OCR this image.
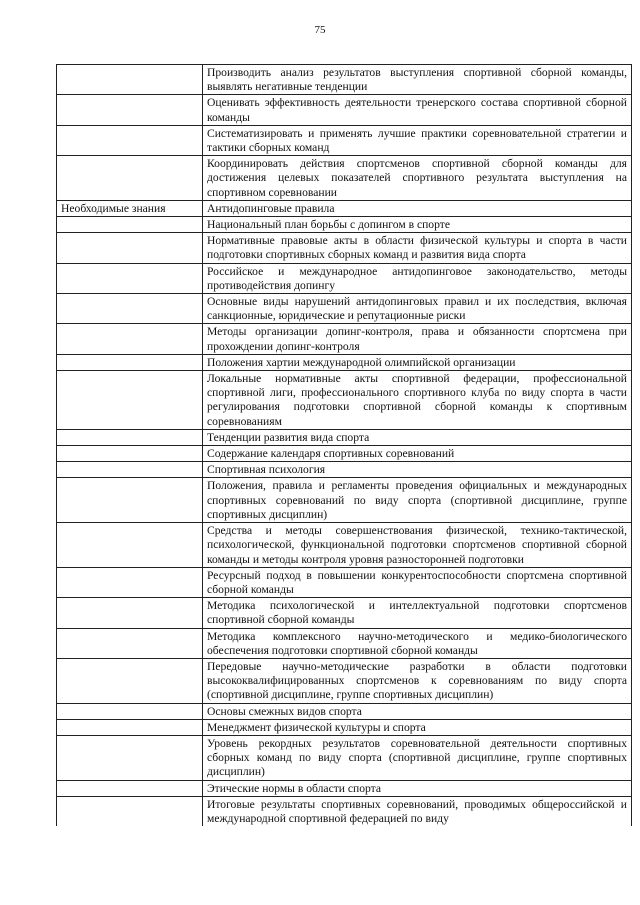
75
	Производить анализ результатов выступления спортивной сборной команды, выявлять негативные тенденции
	Оценивать эффективность деятельности тренерского состава спортивной сборной команды
	Систематизировать и применять лучшие практики соревновательной стратегии и тактики сборных команд
	Координировать действия спортсменов спортивной сборной команды для достижения целевых показателей спортивного результата выступления на спортивном соревновании
Необходимые знания	Антидопинговые правила
	Национальный план борьбы с допингом в спорте
	Нормативные правовые акты в области физической культуры и спорта в части подготовки спортивных сборных команд и развития вида спорта
	Российское и международное антидопинговое законодательство, методы противодействия допингу
	Основные виды нарушений антидопинговых правил и их последствия, включая санкционные, юридические и репутационные риски
	Методы организации допинг-контроля, права и обязанности спортсмена при прохождении допинг-контроля
	Положения хартии международной олимпийской организации
	Локальные нормативные акты спортивной федерации, профессиональной спортивной лиги, профессионального спортивного клуба по виду спорта в части регулирования подготовки спортивной сборной команды к спортивным соревнованиям
	Тенденции развития вида спорта
	Содержание календаря спортивных соревнований
	Спортивная психология
	Положения, правила и регламенты проведения официальных и международных спортивных соревнований по виду спорта (спортивной дисциплине, группе спортивных дисциплин)
	Средства и методы совершенствования физической, технико-тактической, психологической, функциональной подготовки спортсменов спортивной сборной команды и методы контроля уровня разносторонней подготовки
	Ресурсный подход в повышении конкурентоспособности спортсмена спортивной сборной команды
	Методика психологической и интеллектуальной подготовки спортсменов спортивной сборной команды
	Методика комплексного научно-методического и медико-биологического обеспечения подготовки спортивной сборной команды
	Передовые научно-методические разработки в области подготовки высококвалифицированных спортсменов к соревнованиям по виду спорта (спортивной дисциплине, группе спортивных дисциплин)
	Основы смежных видов спорта
	Менеджмент физической культуры и спорта
	Уровень рекордных результатов соревновательной деятельности спортивных сборных команд по виду спорта (спортивной дисциплине, группе спортивных дисциплин)
	Этические нормы в области спорта
	Итоговые результаты спортивных соревнований, проводимых общероссийской и международной спортивной федерацией по виду
